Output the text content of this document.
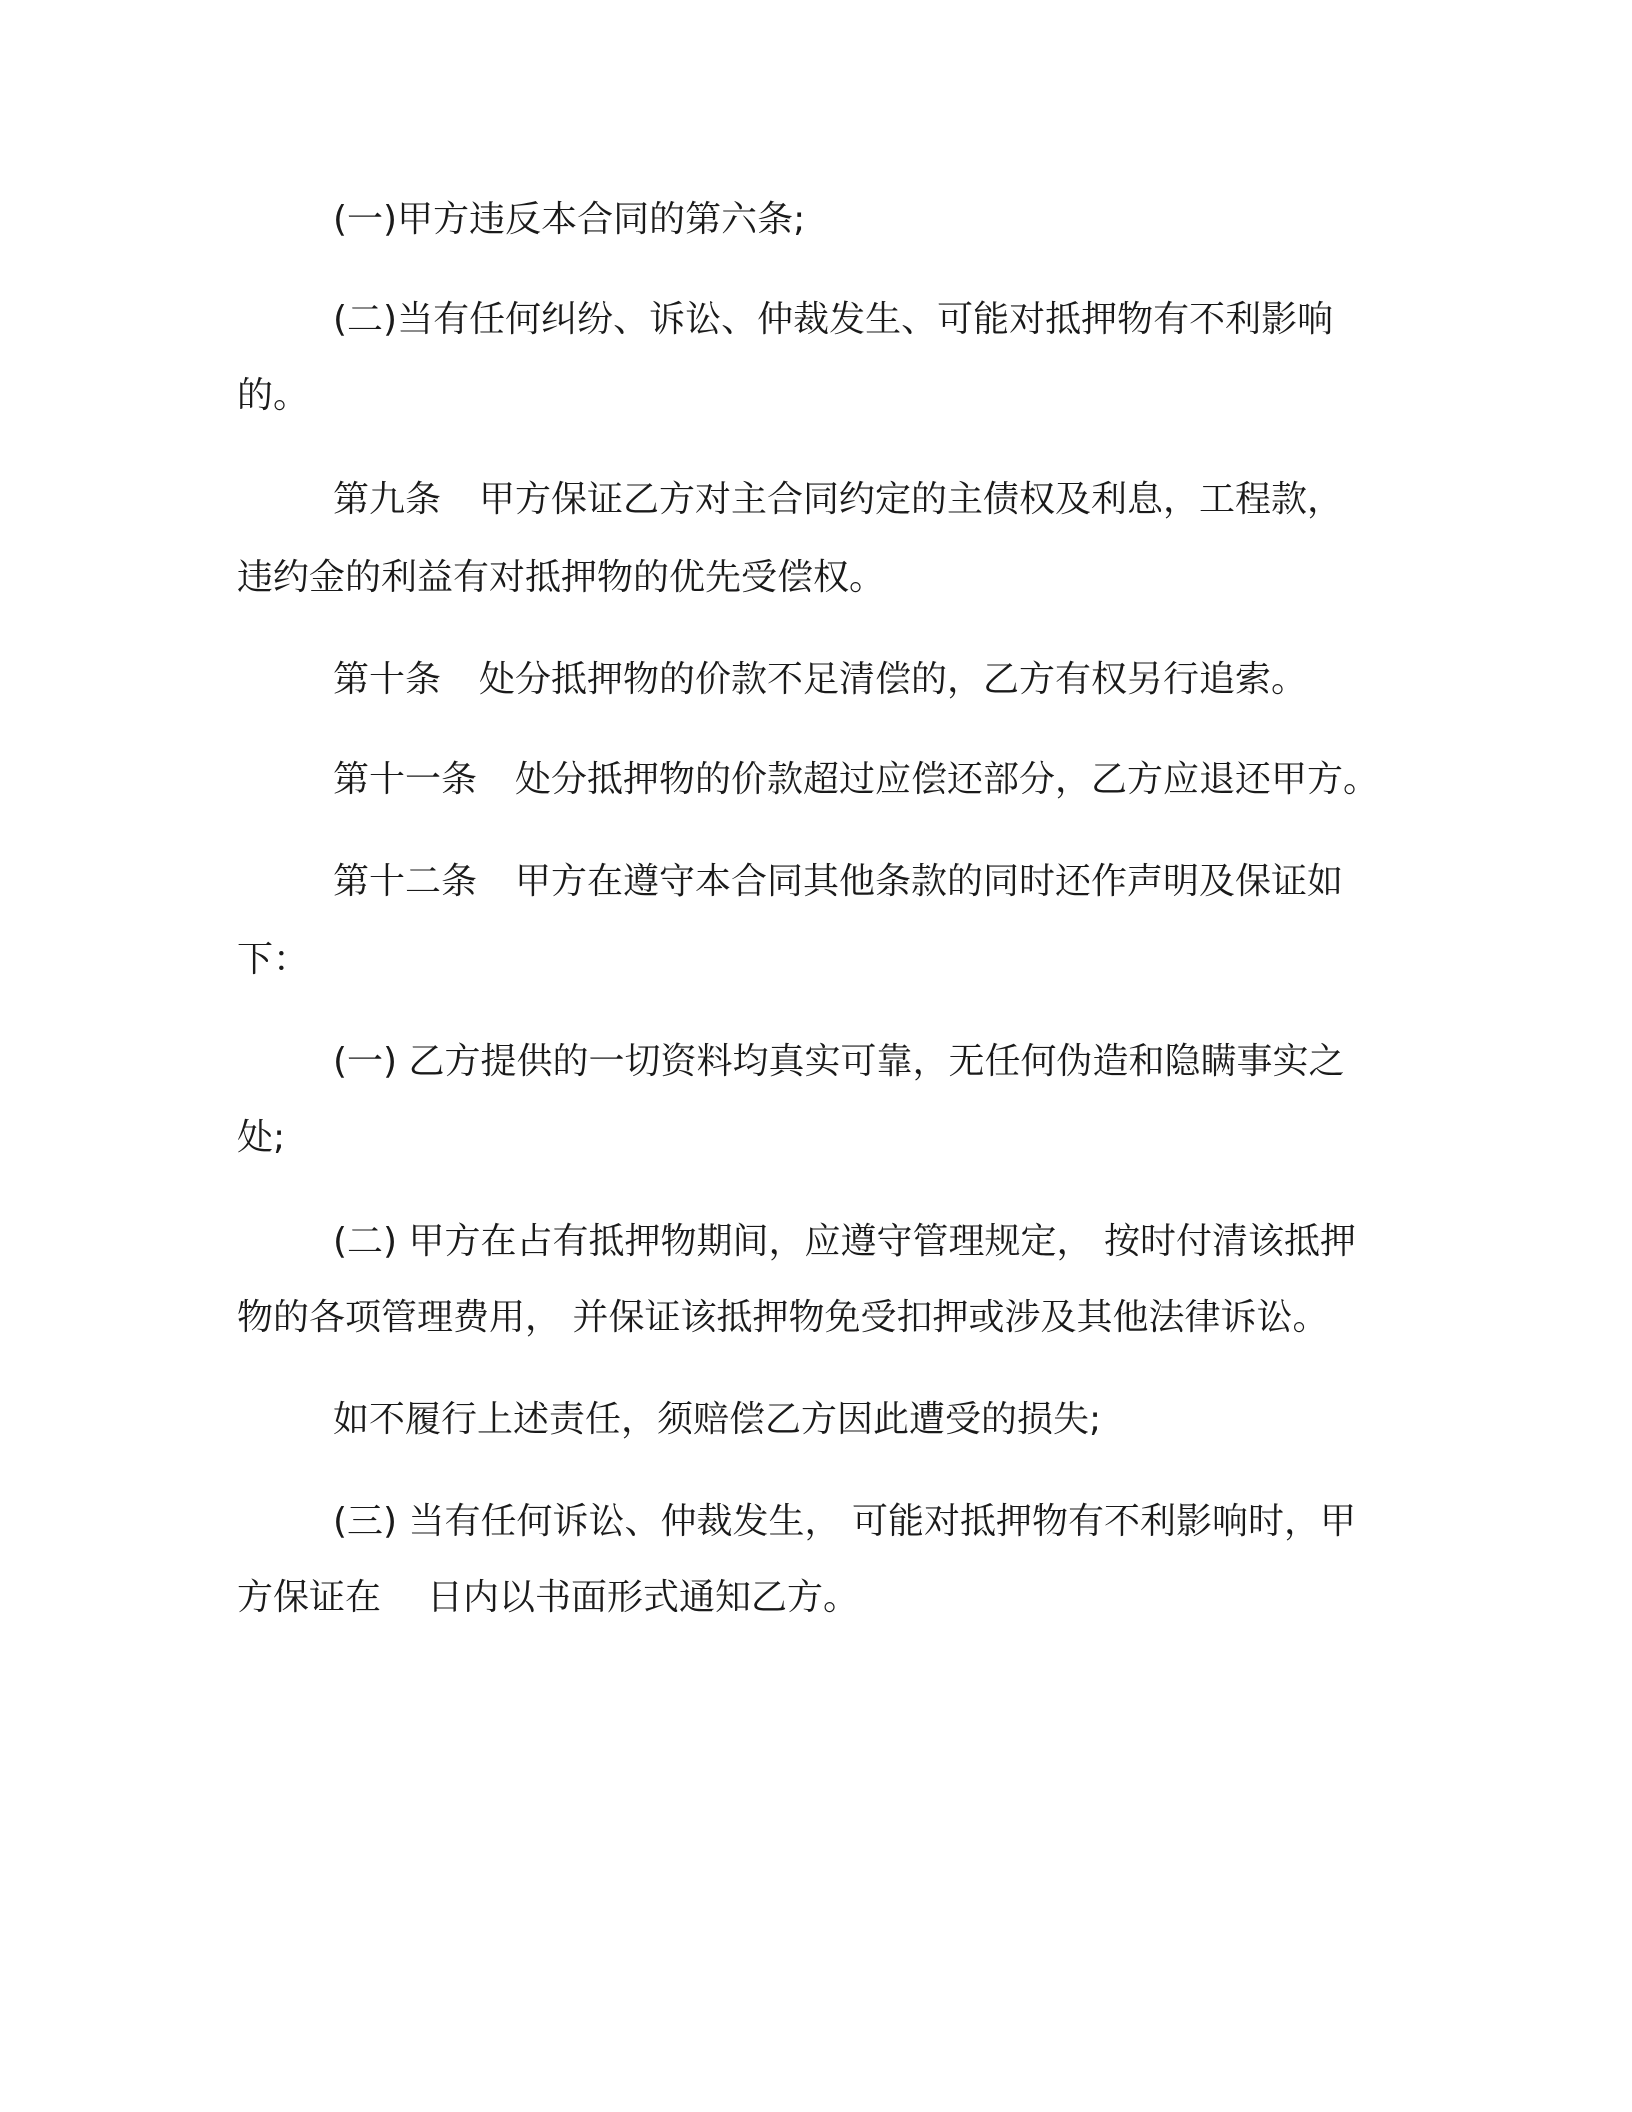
(一)甲方违反本合同的第六条;
(二)当有任何纠纷、诉讼、仲裁发生、可能对抵押物有不利影响
的。
第九条 甲方保证乙方对主合同约定的主债权及利息，工程款，
违约金的利益有对抵押物的优先受偿权。
第十条 处分抵押物的价款不足清偿的，乙方有权另行追索。
第十一条 处分抵押物的价款超过应偿还部分，乙方应退还甲方。
第十二条 甲方在遵守本合同其他条款的同时还作声明及保证如
下：
(一) 乙方提供的一切资料均真实可靠，无任何伪造和隐瞒事实之
处;
(二) 甲方在占有抵押物期间，应遵守管理规定， 按时付清该抵押
物的各项管理费用， 并保证该抵押物免受扣押或涉及其他法律诉讼。
如不履行上述责任，须赔偿乙方因此遭受的损失;
(三) 当有任何诉讼、仲裁发生， 可能对抵押物有不利影响时，甲
方保证在 日内以书面形式通知乙方。
